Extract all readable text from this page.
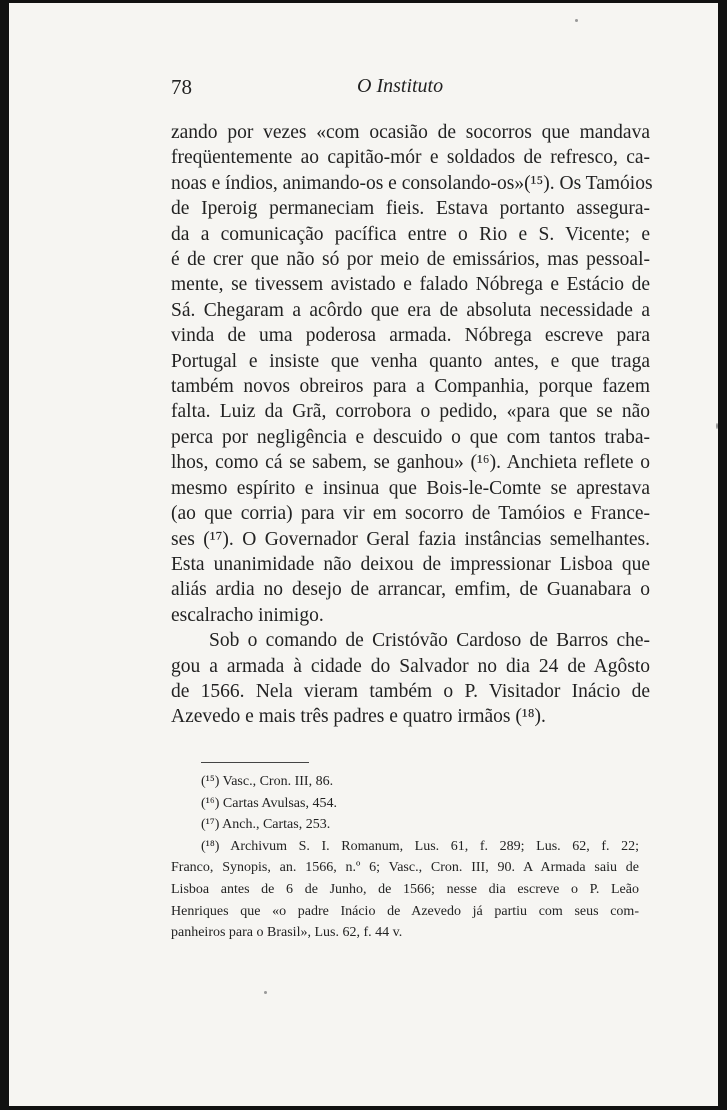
78	O Instituto
zando por vezes «com ocasião de socorros que mandava
freqüentemente ao capitão-mór e soldados de refresco, ca-
noas e índios, animando-os e consolando-os»(¹⁵). Os Tamóios
de Iperoig permaneciam fieis. Estava portanto assegura-
da a comunicação pacífica entre o Rio e S. Vicente; e
é de crer que não só por meio de emissários, mas pessoal-
mente, se tivessem avistado e falado Nóbrega e Estácio de
Sá. Chegaram a acôrdo que era de absoluta necessidade a
vinda de uma poderosa armada. Nóbrega escreve para
Portugal e insiste que venha quanto antes, e que traga
também novos obreiros para a Companhia, porque fazem
falta. Luiz da Grã, corrobora o pedido, «para que se não
perca por negligência e descuido o que com tantos traba-
lhos, como cá se sabem, se ganhou» (¹⁶). Anchieta reflete o
mesmo espírito e insinua que Bois-le-Comte se aprestava
(ao que corria) para vir em socorro de Tamóios e France-
ses (¹⁷). O Governador Geral fazia instâncias semelhantes.
Esta unanimidade não deixou de impressionar Lisboa que
aliás ardia no desejo de arrancar, emfim, de Guanabara o
escalracho inimigo.
Sob o comando de Cristóvão Cardoso de Barros che-
gou a armada à cidade do Salvador no dia 24 de Agôsto
de 1566. Nela vieram também o P. Visitador Inácio de
Azevedo e mais três padres e quatro irmãos (¹⁸).
(¹⁵) Vasc., Cron. III, 86.
(¹⁶) Cartas Avulsas, 454.
(¹⁷) Anch., Cartas, 253.
(¹⁸) Archivum S. I. Romanum, Lus. 61, f. 289; Lus. 62, f. 22;
Franco, Synopis, an. 1566, n.º 6; Vasc., Cron. III, 90. A Armada saiu de
Lisboa antes de 6 de Junho, de 1566; nesse dia escreve o P. Leão
Henriques que «o padre Inácio de Azevedo já partiu com seus com-
panheiros para o Brasil», Lus. 62, f. 44 v.
